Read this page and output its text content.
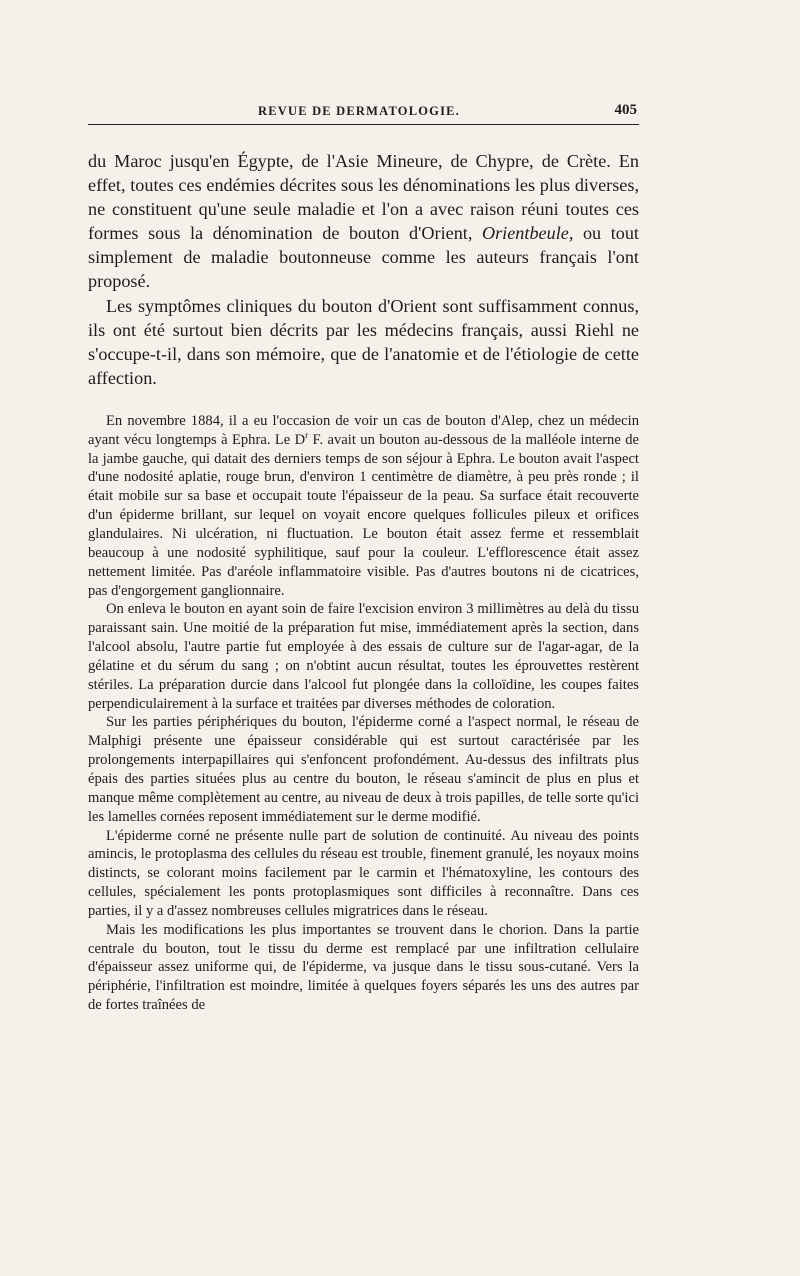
REVUE DE DERMATOLOGIE.	405

du Maroc jusqu'en Égypte, de l'Asie Mineure, de Chypre, de Crète. En effet, toutes ces endémies décrites sous les dénominations les plus diverses, ne constituent qu'une seule maladie et l'on a avec raison réuni toutes ces formes sous la dénomination de bouton d'Orient, Orientbeule, ou tout simplement de maladie boutonneuse comme les auteurs français l'ont proposé.

Les symptômes cliniques du bouton d'Orient sont suffisamment connus, ils ont été surtout bien décrits par les médecins français, aussi Riehl ne s'occupe-t-il, dans son mémoire, que de l'anatomie et de l'étiologie de cette affection.

En novembre 1884, il a eu l'occasion de voir un cas de bouton d'Alep, chez un médecin ayant vécu longtemps à Ephra. Le $D^r$ F. avait un bouton au-dessous de la malléole interne de la jambe gauche, qui datait des derniers temps de son séjour à Ephra. Le bouton avait l'aspect d'une nodosité aplatie, rouge brun, d'environ 1 centimètre de diamètre, à peu près ronde ; il était mobile sur sa base et occupait toute l'épaisseur de la peau. Sa surface était recouverte d'un épiderme brillant, sur lequel on voyait encore quelques follicules pileux et orifices glandulaires. Ni ulcération, ni fluctuation. Le bouton était assez ferme et ressemblait beaucoup à une nodosité syphilitique, sauf pour la couleur. L'efflorescence était assez nettement limitée. Pas d'aréole inflammatoire visible. Pas d'autres boutons ni de cicatrices, pas d'engorgement ganglionnaire.

On enleva le bouton en ayant soin de faire l'excision environ 3 millimètres au delà du tissu paraissant sain. Une moitié de la préparation fut mise, immédiatement après la section, dans l'alcool absolu, l'autre partie fut employée à des essais de culture sur de l'agar-agar, de la gélatine et du sérum du sang ; on n'obtint aucun résultat, toutes les éprouvettes restèrent stériles. La préparation durcie dans l'alcool fut plongée dans la colloïdine, les coupes faites perpendiculairement à la surface et traitées par diverses méthodes de coloration.

Sur les parties périphériques du bouton, l'épiderme corné a l'aspect normal, le réseau de Malphigi présente une épaisseur considérable qui est surtout caractérisée par les prolongements interpapillaires qui s'enfoncent profondément. Au-dessus des infiltrats plus épais des parties situées plus au centre du bouton, le réseau s'amincit de plus en plus et manque même complètement au centre, au niveau de deux à trois papilles, de telle sorte qu'ici les lamelles cornées reposent immédiatement sur le derme modifié.

L'épiderme corné ne présente nulle part de solution de continuité. Au niveau des points amincis, le protoplasma des cellules du réseau est trouble, finement granulé, les noyaux moins distincts, se colorant moins facilement par le carmin et l'hématoxyline, les contours des cellules, spécialement les ponts protoplasmiques sont difficiles à reconnaître. Dans ces parties, il y a d'assez nombreuses cellules migratrices dans le réseau.

Mais les modifications les plus importantes se trouvent dans le chorion. Dans la partie centrale du bouton, tout le tissu du derme est remplacé par une infiltration cellulaire d'épaisseur assez uniforme qui, de l'épiderme, va jusque dans le tissu sous-cutané. Vers la périphérie, l'infiltration est moindre, limitée à quelques foyers séparés les uns des autres par de fortes traînées de
